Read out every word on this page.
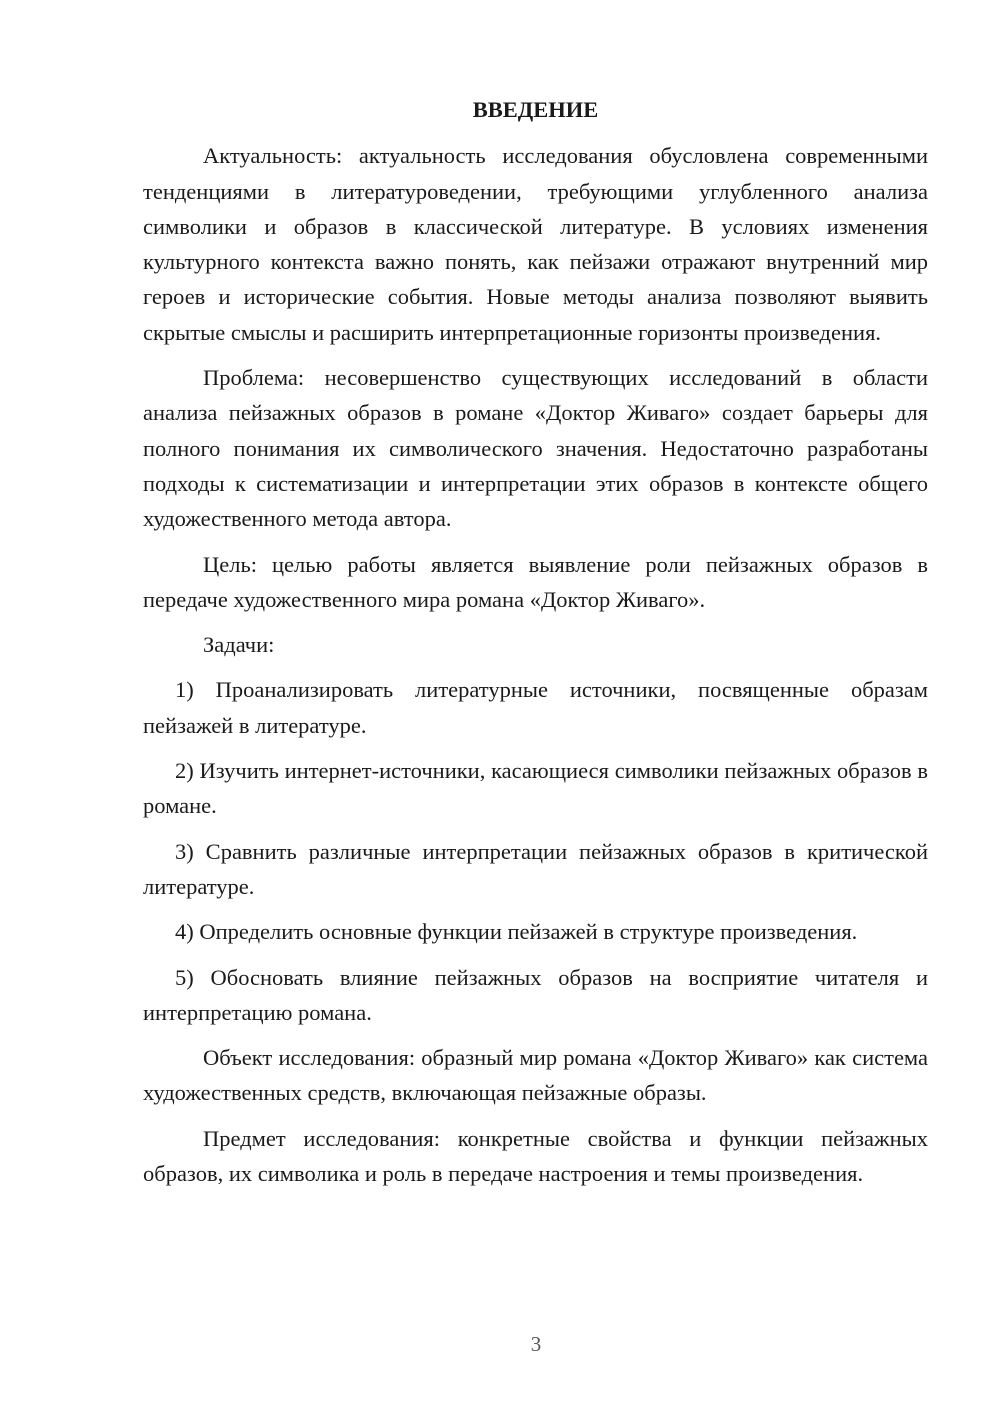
ВВЕДЕНИЕ

Актуальность: актуальность исследования обусловлена современными тенденциями в литературоведении, требующими углубленного анализа символики и образов в классической литературе. В условиях изменения культурного контекста важно понять, как пейзажи отражают внутренний мир героев и исторические события. Новые методы анализа позволяют выявить скрытые смыслы и расширить интерпретационные горизонты произведения.

Проблема: несовершенство существующих исследований в области анализа пейзажных образов в романе «Доктор Живаго» создает барьеры для полного понимания их символического значения. Недостаточно разработаны подходы к систематизации и интерпретации этих образов в контексте общего художественного метода автора.

Цель: целью работы является выявление роли пейзажных образов в передаче художественного мира романа «Доктор Живаго».

Задачи:

1) Проанализировать литературные источники, посвященные образам пейзажей в литературе.

2) Изучить интернет-источники, касающиеся символики пейзажных образов в романе.

3) Сравнить различные интерпретации пейзажных образов в критической литературе.

4) Определить основные функции пейзажей в структуре произведения.

5) Обосновать влияние пейзажных образов на восприятие читателя и интерпретацию романа.

Объект исследования: образный мир романа «Доктор Живаго» как система художественных средств, включающая пейзажные образы.

Предмет исследования: конкретные свойства и функции пейзажных образов, их символика и роль в передаче настроения и темы произведения.

3
